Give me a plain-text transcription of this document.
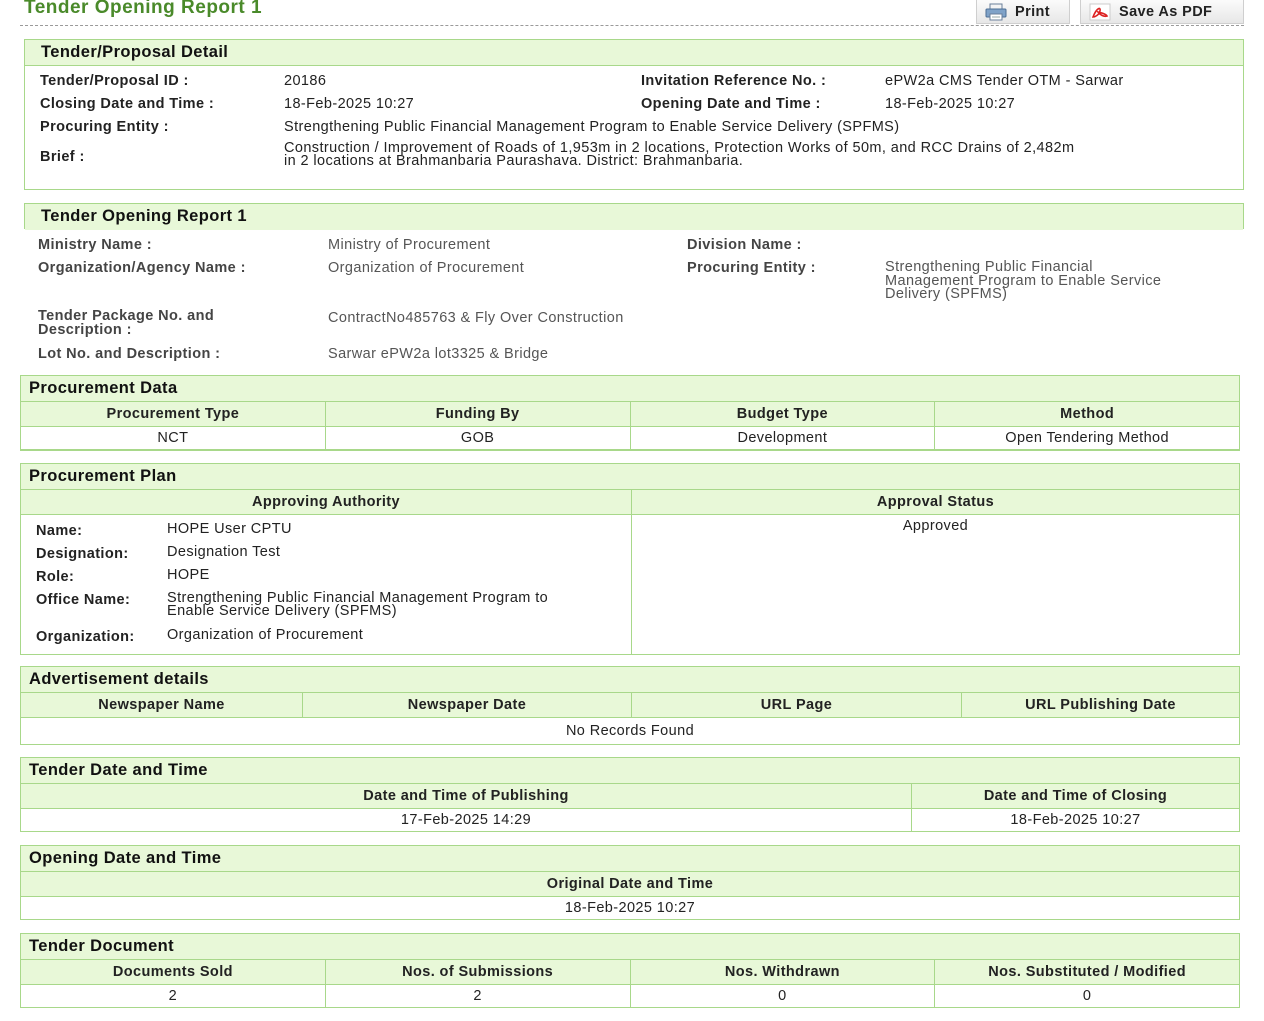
Tender Opening Report 1	Print	Save As PDF
Tender/Proposal Detail
Tender/Proposal ID :	20186	Invitation Reference No. :	ePW2a CMS Tender OTM - Sarwar
Closing Date and Time :	18-Feb-2025 10:27	Opening Date and Time :	18-Feb-2025 10:27
Procuring Entity :	Strengthening Public Financial Management Program to Enable Service Delivery (SPFMS)
Brief :
Construction / Improvement of Roads of 1,953m in 2 locations, Protection Works of 50m, and RCC Drains of 2,482m
in 2 locations at Brahmanbaria Paurashava. District: Brahmanbaria.
Tender Opening Report 1
Ministry Name :	Ministry of Procurement	Division Name :
Organization/Agency Name :	Organization of Procurement	Procuring Entity :	Strengthening Public Financial
Management Program to Enable Service
Delivery (SPFMS)
Tender Package No. and
Description :
ContractNo485763 & Fly Over Construction
Lot No. and Description :	Sarwar ePW2a lot3325 & Bridge
Procurement Data
Procurement Type	Funding By	Budget Type	Method
NCT	GOB	Development	Open Tendering Method
Procurement Plan
Approving Authority	Approval Status

	Approved
Name:	HOPE User CPTU
Designation:	Designation Test
Role:	HOPE
Office Name:	Strengthening Public Financial Management Program to
Enable Service Delivery (SPFMS)
Organization:	Organization of Procurement
Advertisement details
Newspaper Name	Newspaper Date	URL Page	URL Publishing Date
No Records Found
Tender Date and Time
Date and Time of Publishing	Date and Time of Closing
17-Feb-2025 14:29	18-Feb-2025 10:27
Opening Date and Time
Original Date and Time
18-Feb-2025 10:27
Tender Document
Documents Sold	Nos. of Submissions	Nos. Withdrawn	Nos. Substituted / Modified
2	2	0	0
